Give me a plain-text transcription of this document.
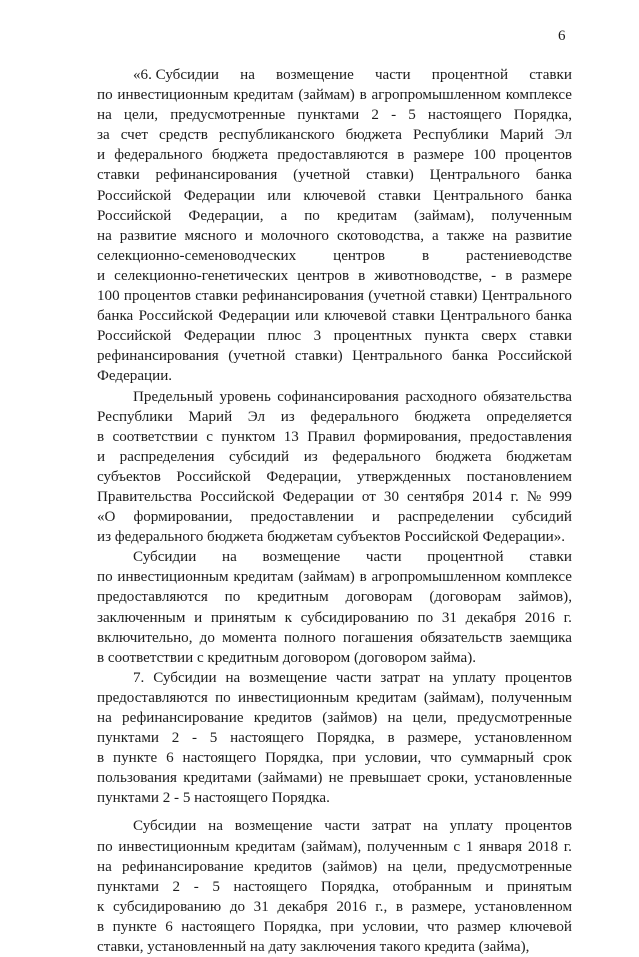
6
«6. Субсидии на возмещение части процентной ставки
по инвестиционным кредитам (займам) в агропромышленном комплексе
на цели, предусмотренные пунктами 2 - 5 настоящего Порядка,
за счет средств республиканского бюджета Республики Марий Эл
и федерального бюджета предоставляются в размере 100 процентов
ставки рефинансирования (учетной ставки) Центрального банка
Российской Федерации или ключевой ставки Центрального банка
Российской Федерации, а по кредитам (займам), полученным
на развитие мясного и молочного скотоводства, а также на развитие
селекционно-семеноводческих центров в растениеводстве
и селекционно-генетических центров в животноводстве, - в размере
100 процентов ставки рефинансирования (учетной ставки) Центрального
банка Российской Федерации или ключевой ставки Центрального банка
Российской Федерации плюс 3 процентных пункта сверх ставки
рефинансирования (учетной ставки) Центрального банка Российской
Федерации.
Предельный уровень софинансирования расходного обязательства
Республики Марий Эл из федерального бюджета определяется
в соответствии с пунктом 13 Правил формирования, предоставления
и распределения субсидий из федерального бюджета бюджетам
субъектов Российской Федерации, утвержденных постановлением
Правительства Российской Федерации от 30 сентября 2014 г. № 999
«О формировании, предоставлении и распределении субсидий
из федерального бюджета бюджетам субъектов Российской Федерации».
Субсидии на возмещение части процентной ставки
по инвестиционным кредитам (займам) в агропромышленном комплексе
предоставляются по кредитным договорам (договорам займов),
заключенным и принятым к субсидированию по 31 декабря 2016 г.
включительно, до момента полного погашения обязательств заемщика
в соответствии с кредитным договором (договором займа).
7. Субсидии на возмещение части затрат на уплату процентов
предоставляются по инвестиционным кредитам (займам), полученным
на рефинансирование кредитов (займов) на цели, предусмотренные
пунктами 2 - 5 настоящего Порядка, в размере, установленном
в пункте 6 настоящего Порядка, при условии, что суммарный срок
пользования кредитами (займами) не превышает сроки, установленные
пунктами 2 - 5 настоящего Порядка.
Субсидии на возмещение части затрат на уплату процентов
по инвестиционным кредитам (займам), полученным с 1 января 2018 г.
на рефинансирование кредитов (займов) на цели, предусмотренные
пунктами 2 - 5 настоящего Порядка, отобранным и принятым
к субсидированию до 31 декабря 2016 г., в размере, установленном
в пункте 6 настоящего Порядка, при условии, что размер ключевой
ставки, установленный на дату заключения такого кредита (займа),
